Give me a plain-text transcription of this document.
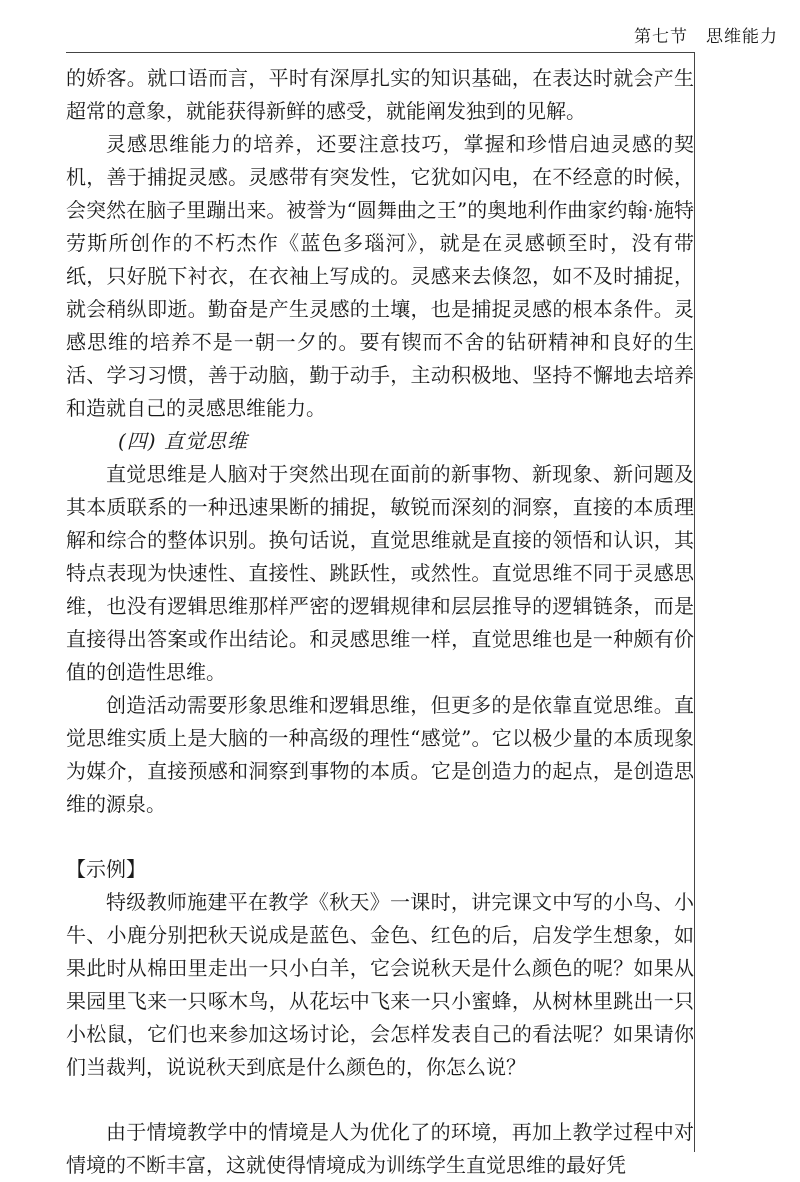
第七节 思维能力

的娇客。就口语而言，平时有深厚扎实的知识基础，在表达时就会产生超常的意象，就能获得新鲜的感受，就能阐发独到的见解。

灵感思维能力的培养，还要注意技巧，掌握和珍惜启迪灵感的契机，善于捕捉灵感。灵感带有突发性，它犹如闪电，在不经意的时候，会突然在脑子里蹦出来。被誉为“圆舞曲之王”的奥地利作曲家约翰·施特劳斯所创作的不朽杰作《蓝色多瑙河》，就是在灵感顿至时，没有带纸，只好脱下衬衣，在衣袖上写成的。灵感来去倏忽，如不及时捕捉，就会稍纵即逝。勤奋是产生灵感的土壤，也是捕捉灵感的根本条件。灵感思维的培养不是一朝一夕的。要有锲而不舍的钻研精神和良好的生活、学习习惯，善于动脑，勤于动手，主动积极地、坚持不懈地去培养和造就自己的灵感思维能力。

(四) 直觉思维

直觉思维是人脑对于突然出现在面前的新事物、新现象、新问题及其本质联系的一种迅速果断的捕捉，敏锐而深刻的洞察，直接的本质理解和综合的整体识别。换句话说，直觉思维就是直接的领悟和认识，其特点表现为快速性、直接性、跳跃性，或然性。直觉思维不同于灵感思维，也没有逻辑思维那样严密的逻辑规律和层层推导的逻辑链条，而是直接得出答案或作出结论。和灵感思维一样，直觉思维也是一种颇有价值的创造性思维。

创造活动需要形象思维和逻辑思维，但更多的是依靠直觉思维。直觉思维实质上是大脑的一种高级的理性“感觉”。它以极少量的本质现象为媒介，直接预感和洞察到事物的本质。它是创造力的起点，是创造思维的源泉。

【示例】

特级教师施建平在教学《秋天》一课时，讲完课文中写的小鸟、小牛、小鹿分别把秋天说成是蓝色、金色、红色的后，启发学生想象，如果此时从棉田里走出一只小白羊，它会说秋天是什么颜色的呢？如果从果园里飞来一只啄木鸟，从花坛中飞来一只小蜜蜂，从树林里跳出一只小松鼠，它们也来参加这场讨论，会怎样发表自己的看法呢？如果请你们当裁判，说说秋天到底是什么颜色的，你怎么说？

由于情境教学中的情境是人为优化了的环境，再加上教学过程中对情境的不断丰富，这就使得情境成为训练学生直觉思维的最好凭
